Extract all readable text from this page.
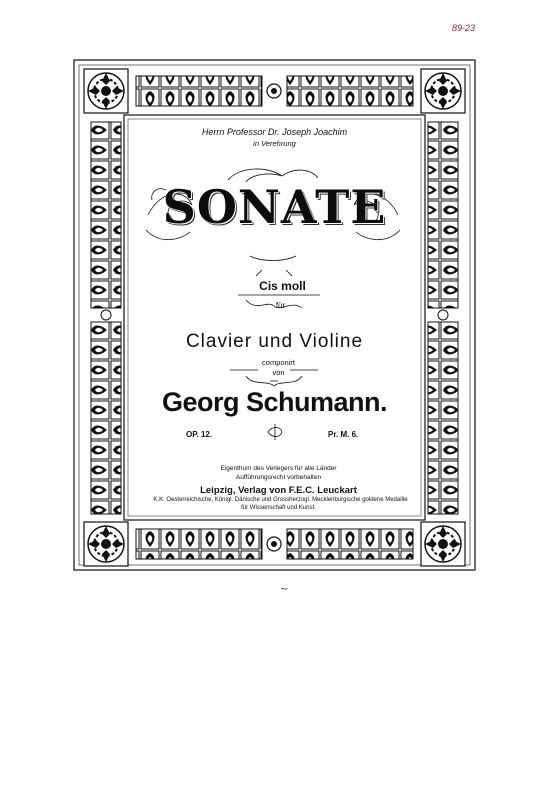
89-23
Herrn Professor Dr. Joseph Joachim
in Verehrung
SONATE
Cis moll
für
Clavier und Violine
componirt
von
Georg Schumann.
OP. 12.	Pr. M. 6.
Eigenthum des Verlegers für alle Länder
Aufführungsrecht vorbehalten
Leipzig, Verlag von F.E.C. Leuckart
K.K. Oesterreichische, Königl. Dänische und Grossherzogl. Mecklenburgische goldene Medaille
für Wissenschaft und Kunst.
~
